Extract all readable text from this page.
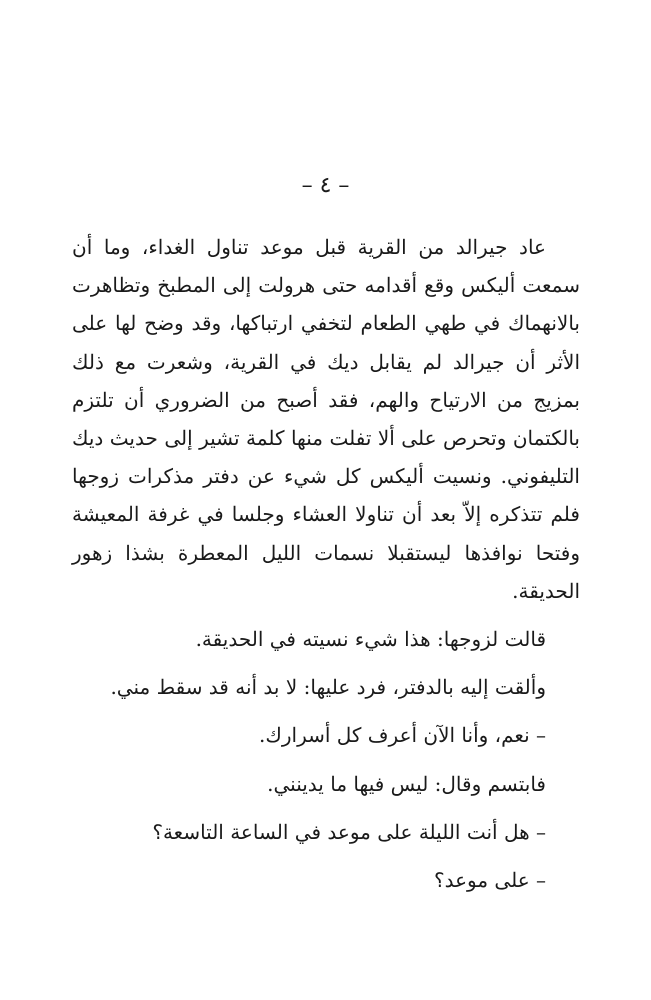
– ٤ –

عاد جيرالد من القرية قبل موعد تناول الغداء، وما أن سمعت أليكس وقع أقدامه حتى هرولت إلى المطبخ وتظاهرت بالانهماك في طهي الطعام لتخفي ارتباكها، وقد وضح لها على الأثر أن جيرالد لم يقابل ديك في القرية، وشعرت مع ذلك بمزيج من الارتياح والهم، فقد أصبح من الضروري أن تلتزم بالكتمان وتحرص على ألا تفلت منها كلمة تشير إلى حديث ديك التليفوني. ونسيت أليكس كل شيء عن دفتر مذكرات زوجها فلم تتذكره إلاّ بعد أن تناولا العشاء وجلسا في غرفة المعيشة وفتحا نوافذها ليستقبلا نسمات الليل المعطرة بشذا زهور الحديقة.

قالت لزوجها: هذا شيء نسيته في الحديقة.

وألقت إليه بالدفتر، فرد عليها: لا بد أنه قد سقط مني.

– نعم، وأنا الآن أعرف كل أسرارك.

فابتسم وقال: ليس فيها ما يدينني.

– هل أنت الليلة على موعد في الساعة التاسعة؟

– على موعد؟
